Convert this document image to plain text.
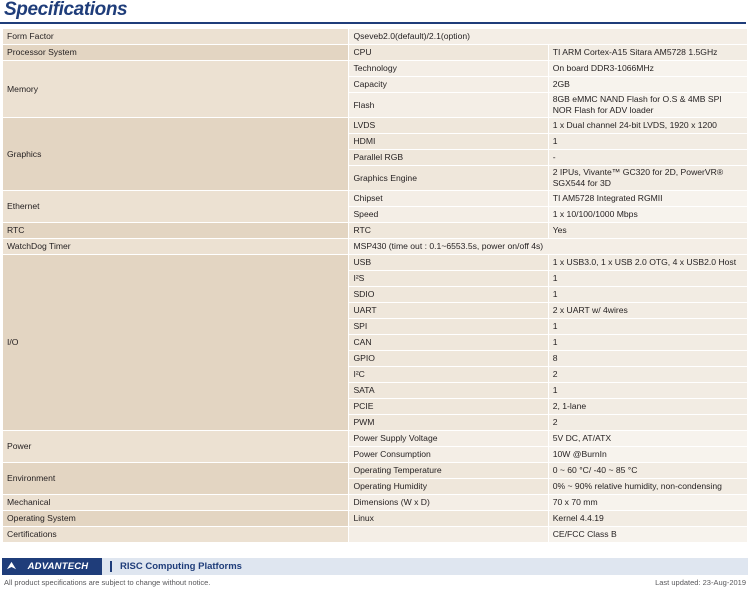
Specifications
Form Factor	Qseveb2.0(default)/2.1(option)	
Processor System	CPU	TI ARM Cortex-A15 Sitara AM5728 1.5GHz
Memory	Technology	On board DDR3-1066MHz
	Capacity	2GB
	Flash	8GB eMMC NAND Flash for O.S & 4MB SPI NOR Flash for ADV loader
Graphics	LVDS	1 x Dual channel 24-bit LVDS, 1920 x 1200
	HDMI	1
	Parallel RGB	-
	Graphics Engine	2 IPUs, Vivante™ GC320 for 2D, PowerVR® SGX544 for 3D
Ethernet	Chipset	TI AM5728 Integrated RGMII
	Speed	1 x 10/100/1000 Mbps
RTC	RTC	Yes
WatchDog Timer	MSP430 (time out : 0.1~6553.5s, power on/off 4s)	
I/O	USB	1 x USB3.0, 1 x USB 2.0 OTG, 4 x USB2.0 Host
	I²S	1
	SDIO	1
	UART	2 x UART w/ 4wires
	SPI	1
	CAN	1
	GPIO	8
	I²C	2
	SATA	1
	PCIE	2, 1-lane
	PWM	2
Power	Power Supply Voltage	5V DC, AT/ATX
	Power Consumption	10W @BurnIn
Environment	Operating Temperature	0 ~ 60 °C/ -40 ~ 85 °C
	Operating Humidity	0% ~ 90% relative humidity, non-condensing
Mechanical	Dimensions (W x D)	70 x 70 mm
Operating System	Linux	Kernel 4.4.19
Certifications		CE/FCC Class B
ADVANTECH	RISC Computing Platforms
All product specifications are subject to change without notice.	Last updated: 23-Aug-2019
